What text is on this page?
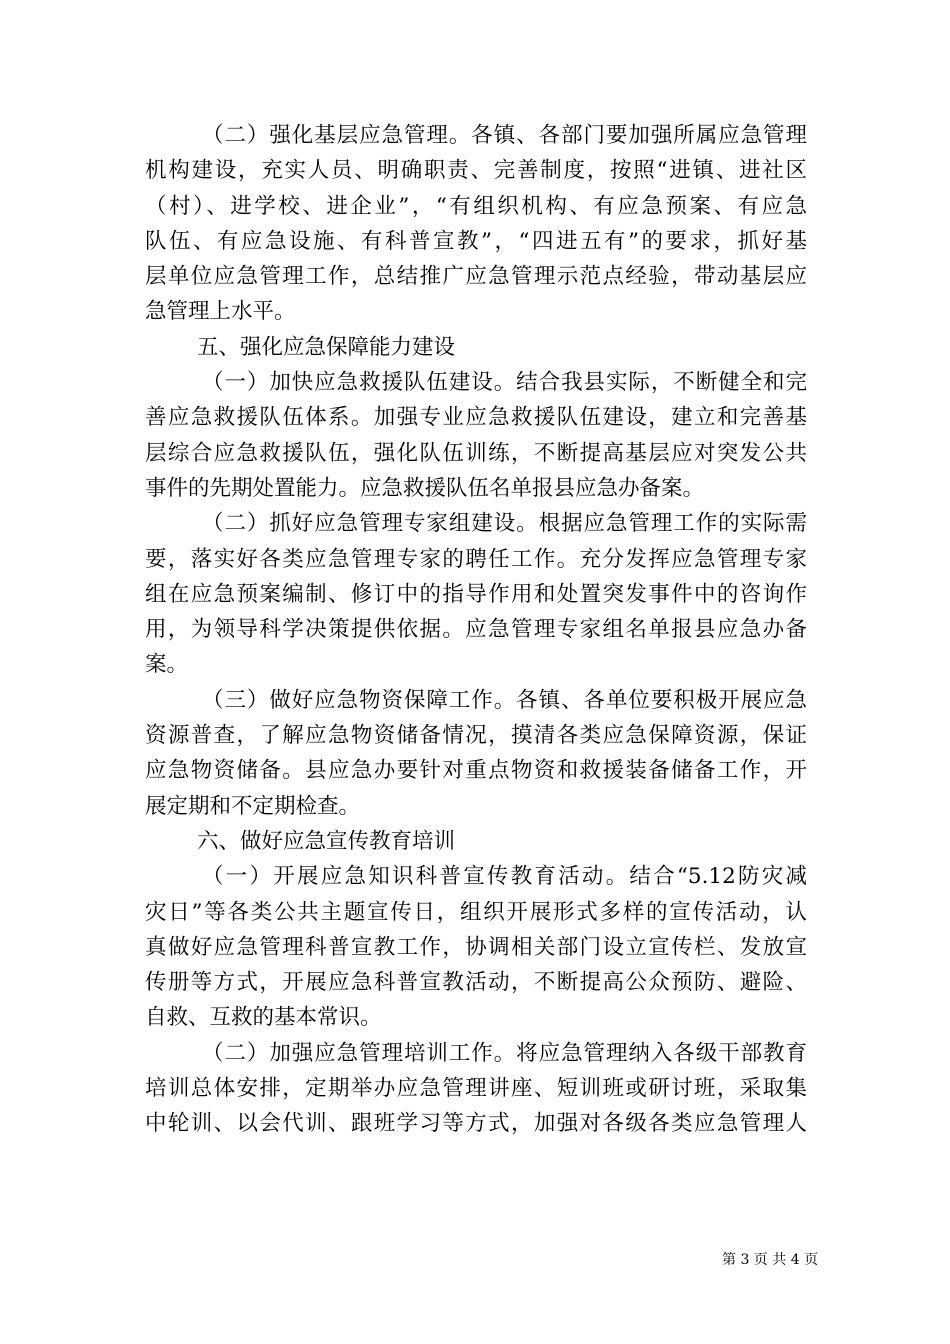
（二）强化基层应急管理。各镇、各部门要加强所属应急管理
机构建设，充实人员、明确职责、完善制度，按照“进镇、进社区
（村）、进学校、进企业”，“有组织机构、有应急预案、有应急
队伍、有应急设施、有科普宣教”，“四进五有”的要求，抓好基
层单位应急管理工作，总结推广应急管理示范点经验，带动基层应
急管理上水平。
五、强化应急保障能力建设
（一）加快应急救援队伍建设。结合我县实际，不断健全和完
善应急救援队伍体系。加强专业应急救援队伍建设，建立和完善基
层综合应急救援队伍，强化队伍训练，不断提高基层应对突发公共
事件的先期处置能力。应急救援队伍名单报县应急办备案。
（二）抓好应急管理专家组建设。根据应急管理工作的实际需
要，落实好各类应急管理专家的聘任工作。充分发挥应急管理专家
组在应急预案编制、修订中的指导作用和处置突发事件中的咨询作
用，为领导科学决策提供依据。应急管理专家组名单报县应急办备
案。
（三）做好应急物资保障工作。各镇、各单位要积极开展应急
资源普查，了解应急物资储备情况，摸清各类应急保障资源，保证
应急物资储备。县应急办要针对重点物资和救援装备储备工作，开
展定期和不定期检查。
六、做好应急宣传教育培训
（一）开展应急知识科普宣传教育活动。结合“5.12防灾减
灾日”等各类公共主题宣传日，组织开展形式多样的宣传活动，认
真做好应急管理科普宣教工作，协调相关部门设立宣传栏、发放宣
传册等方式，开展应急科普宣教活动，不断提高公众预防、避险、
自救、互救的基本常识。
（二）加强应急管理培训工作。将应急管理纳入各级干部教育
培训总体安排，定期举办应急管理讲座、短训班或研讨班，采取集
中轮训、以会代训、跟班学习等方式，加强对各级各类应急管理人
第 3 页 共 4 页
